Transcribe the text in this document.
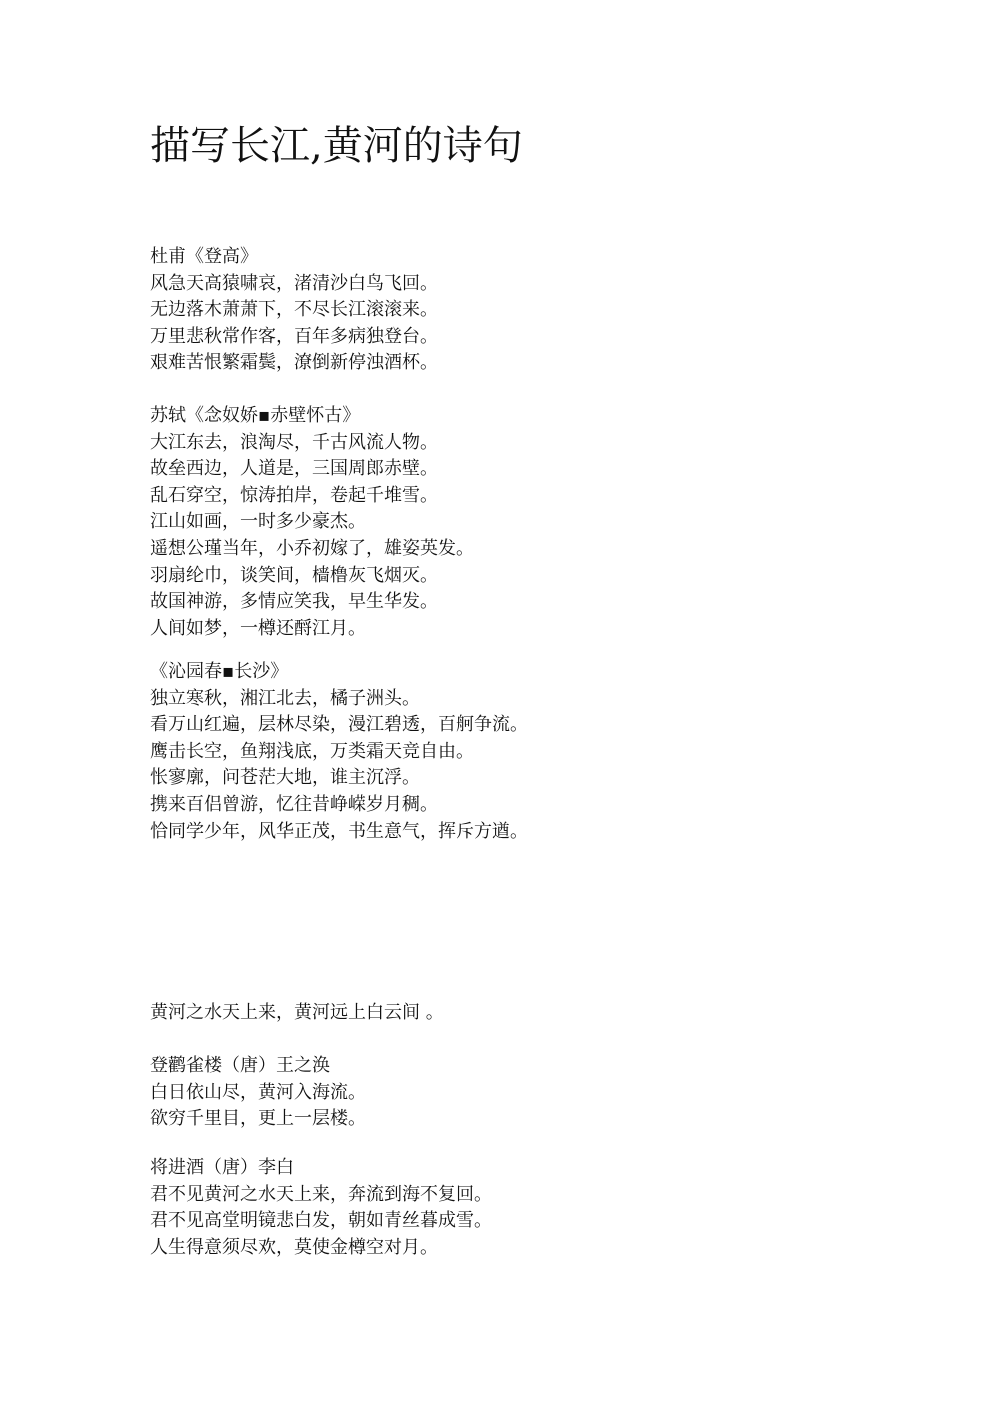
描写长江,黄河的诗句
杜甫《登高》
风急天高猿啸哀，渚清沙白鸟飞回。
无边落木萧萧下，不尽长江滚滚来。
万里悲秋常作客，百年多病独登台。
艰难苦恨繁霜鬓，潦倒新停浊酒杯。
苏轼《念奴娇▪赤壁怀古》
大江东去，浪淘尽，千古风流人物。
故垒西边，人道是，三国周郎赤壁。
乱石穿空，惊涛拍岸，卷起千堆雪。
江山如画，一时多少豪杰。
遥想公瑾当年，小乔初嫁了，雄姿英发。
羽扇纶巾，谈笑间，樯橹灰飞烟灭。
故国神游，多情应笑我，早生华发。
人间如梦，一樽还酹江月。
《沁园春▪长沙》
独立寒秋，湘江北去，橘子洲头。
看万山红遍，层林尽染，漫江碧透，百舸争流。
鹰击长空，鱼翔浅底，万类霜天竞自由。
怅寥廓，问苍茫大地，谁主沉浮。
携来百侣曾游，忆往昔峥嵘岁月稠。
恰同学少年，风华正茂，书生意气，挥斥方遒。
黄河之水天上来，黄河远上白云间 。
登鹳雀楼（唐）王之涣
白日依山尽，黄河入海流。
欲穷千里目，更上一层楼。
将进酒（唐）李白
君不见黄河之水天上来，奔流到海不复回。
君不见高堂明镜悲白发，朝如青丝暮成雪。
人生得意须尽欢，莫使金樽空对月。
